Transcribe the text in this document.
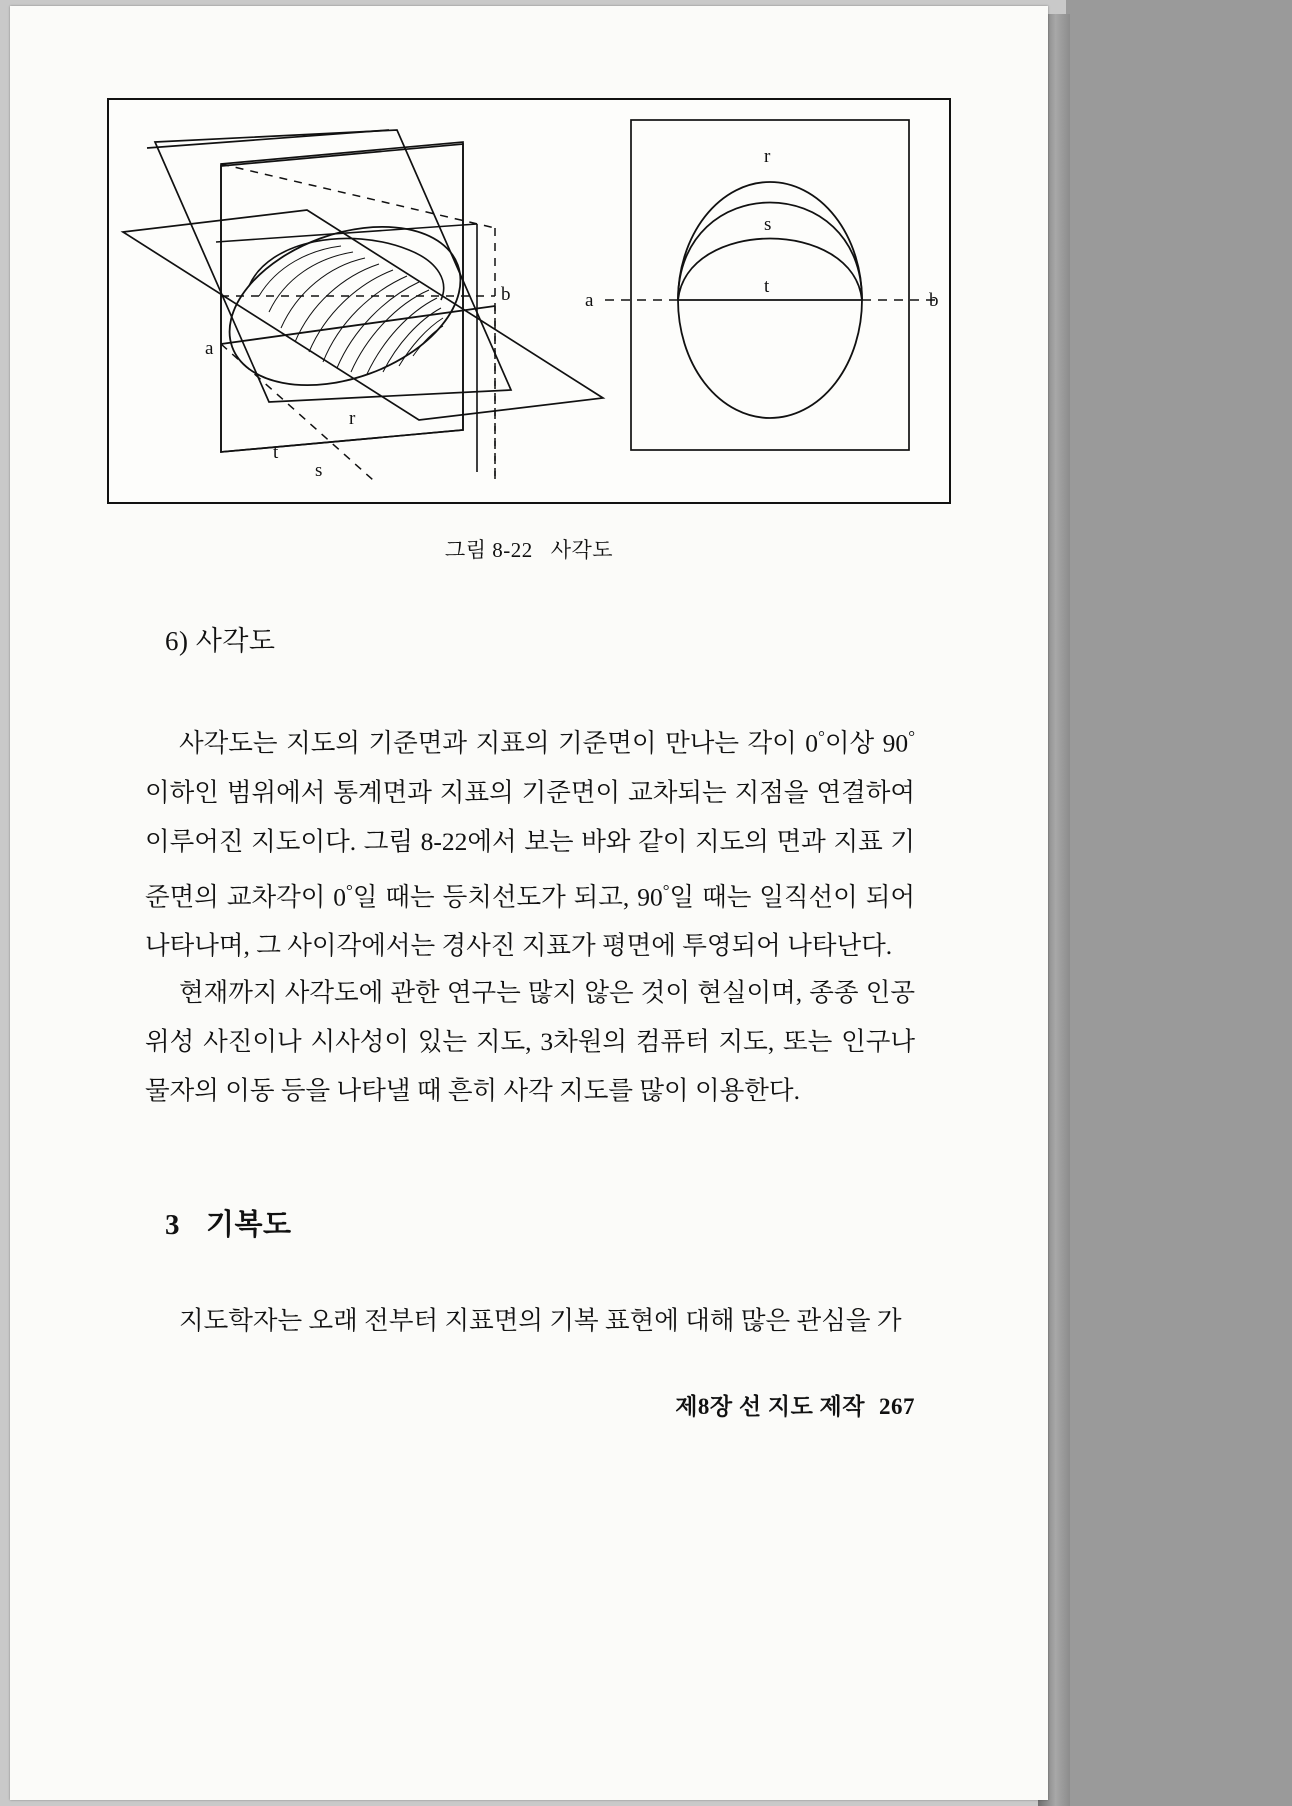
a
b
r
s
t
r
s
t
a	b
그림 8-22 사각도
6) 사각도

사각도는 지도의 기준면과 지표의 기준면이 만나는 각이 0°이상 90°이하인 범위에서 통계면과 지표의 기준면이 교차되는 지점을 연결하여 이루어진 지도이다. 그림 8-22에서 보는 바와 같이 지도의 면과 지표 기준면의 교차각이 0°일 때는 등치선도가 되고, 90°일 때는 일직선이 되어 나타나며, 그 사이각에서는 경사진 지표가 평면에 투영되어 나타난다.

현재까지 사각도에 관한 연구는 많지 않은 것이 현실이며, 종종 인공 위성 사진이나 시사성이 있는 지도, 3차원의 컴퓨터 지도, 또는 인구나 물자의 이동 등을 나타낼 때 흔히 사각 지도를 많이 이용한다.

3 기복도

지도학자는 오래 전부터 지표면의 기복 표현에 대해 많은 관심을 가

제8장 선 지도 제작 267
